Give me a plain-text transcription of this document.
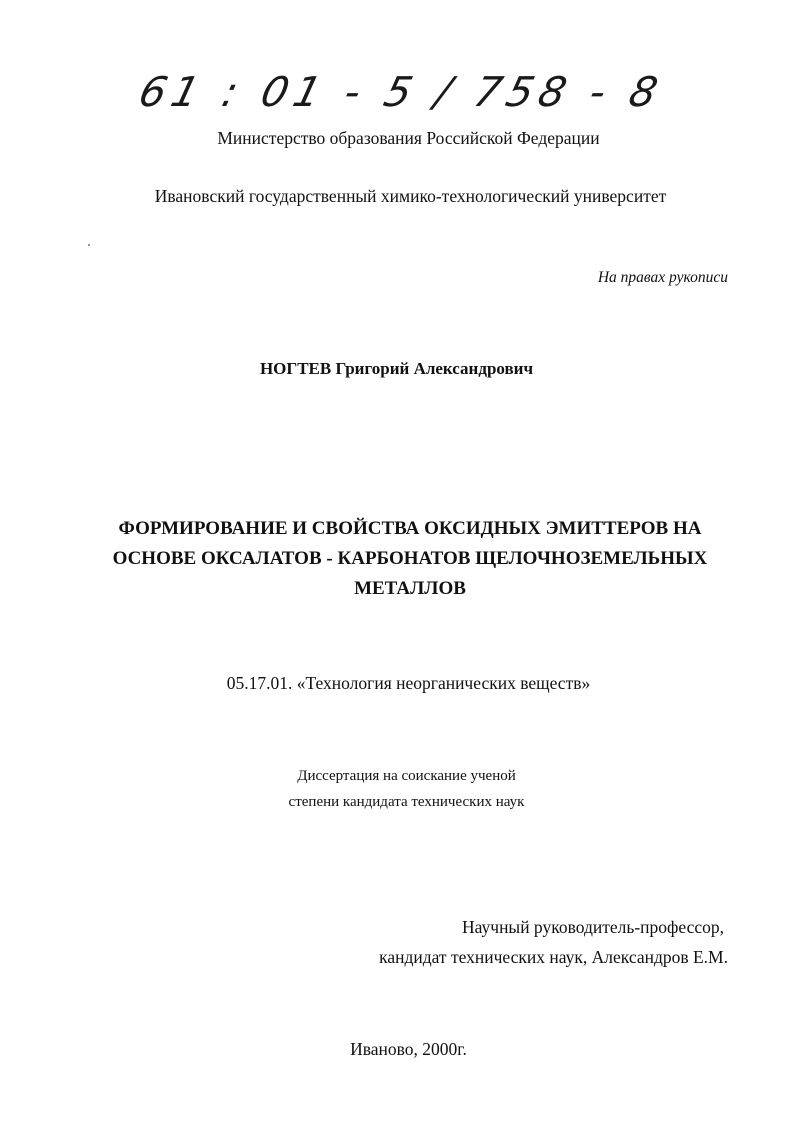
61 : 01 - 5 / 758 - 8
Министерство образования Российской Федерации
Ивановский государственный химико-технологический университет
На правах рукописи
НОГТЕВ Григорий Александрович
ФОРМИРОВАНИЕ И СВОЙСТВА ОКСИДНЫХ ЭМИТТЕРОВ НА
ОСНОВЕ ОКСАЛАТОВ - КАРБОНАТОВ ЩЕЛОЧНОЗЕМЕЛЬНЫХ
МЕТАЛЛОВ
05.17.01. «Технология неорганических веществ»
Диссертация на соискание ученой
степени кандидата технических наук
Научный руководитель-профессор,
кандидат технических наук, Александров Е.М.
Иваново, 2000г.
